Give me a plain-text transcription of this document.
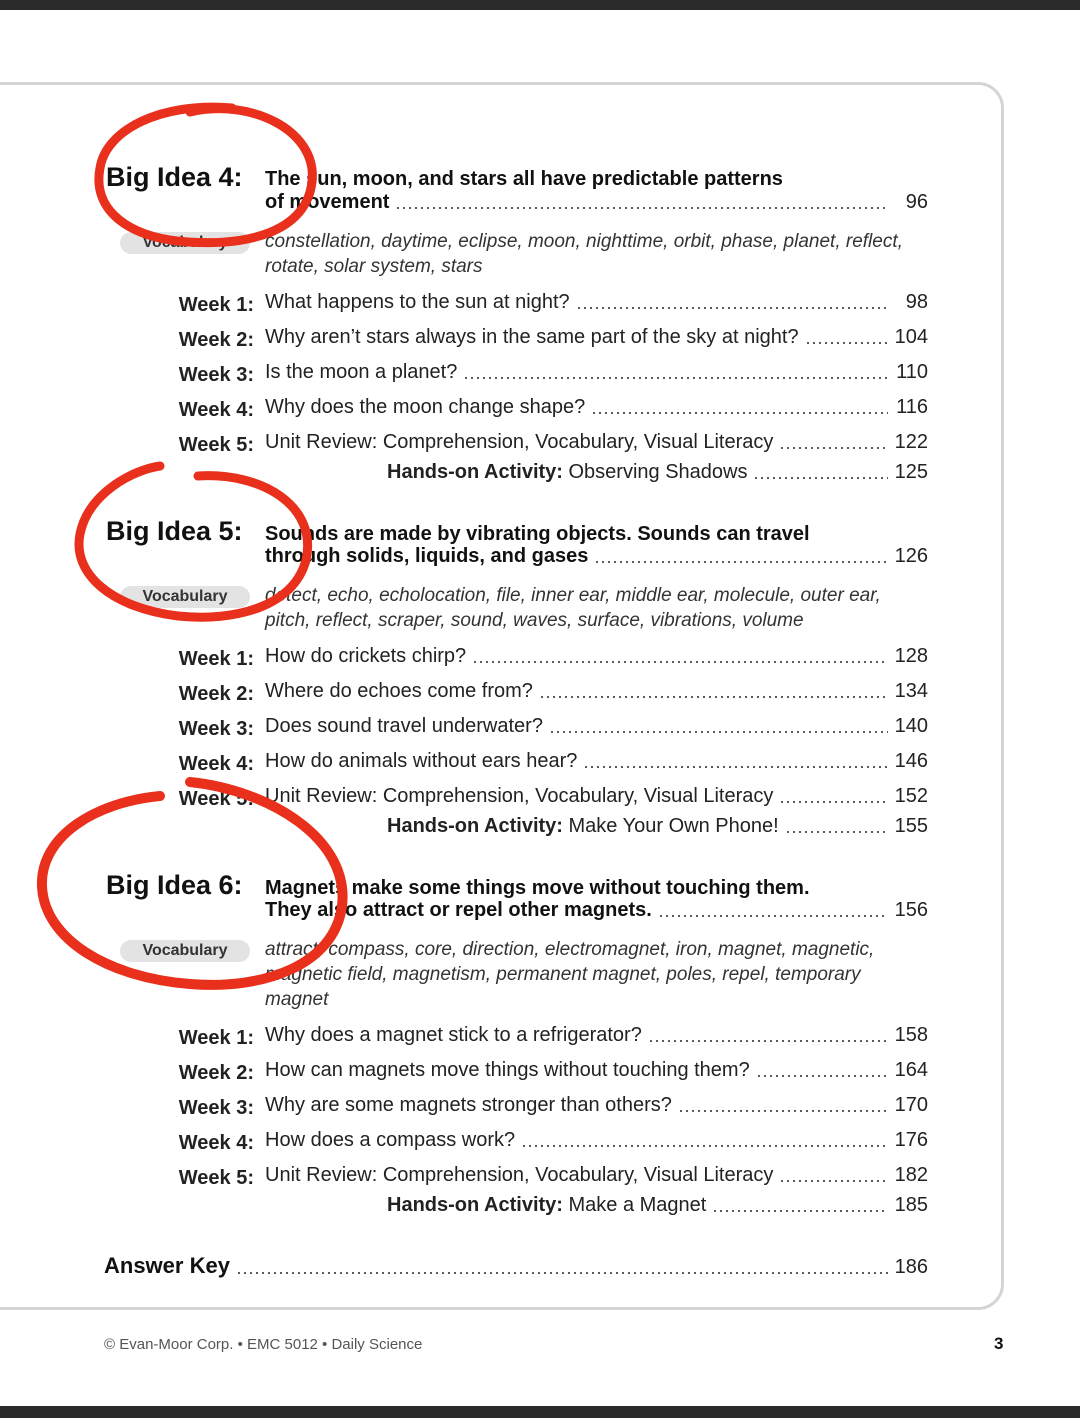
Big Idea 4: The sun, moon, and stars all have predictable patterns
of movement	96
Vocabulary	constellation, daytime, eclipse, moon, nighttime, orbit, phase, planet, reflect, rotate, solar system, stars
Week 1: What happens to the sun at night?	98
Week 2: Why aren’t stars always in the same part of the sky at night?	104
Week 3: Is the moon a planet?	110
Week 4: Why does the moon change shape?	116
Week 5: Unit Review: Comprehension, Vocabulary, Visual Literacy	122
Hands-on Activity: Observing Shadows	125
Big Idea 5: Sounds are made by vibrating objects. Sounds can travel
through solids, liquids, and gases	126
Vocabulary	detect, echo, echolocation, file, inner ear, middle ear, molecule, outer ear, pitch, reflect, scraper, sound, waves, surface, vibrations, volume
Week 1: How do crickets chirp?	128
Week 2: Where do echoes come from?	134
Week 3: Does sound travel underwater?	140
Week 4: How do animals without ears hear?	146
Week 5: Unit Review: Comprehension, Vocabulary, Visual Literacy	152
Hands-on Activity: Make Your Own Phone!	155
Big Idea 6: Magnets make some things move without touching them.
They also attract or repel other magnets.	156
Vocabulary	attract, compass, core, direction, electromagnet, iron, magnet, magnetic, magnetic field, magnetism, permanent magnet, poles, repel, temporary magnet
Week 1: Why does a magnet stick to a refrigerator?	158
Week 2: How can magnets move things without touching them?	164
Week 3: Why are some magnets stronger than others?	170
Week 4: How does a compass work?	176
Week 5: Unit Review: Comprehension, Vocabulary, Visual Literacy	182
Hands-on Activity: Make a Magnet	185
Answer Key	186
© Evan-Moor Corp. • EMC 5012 • Daily Science	3
